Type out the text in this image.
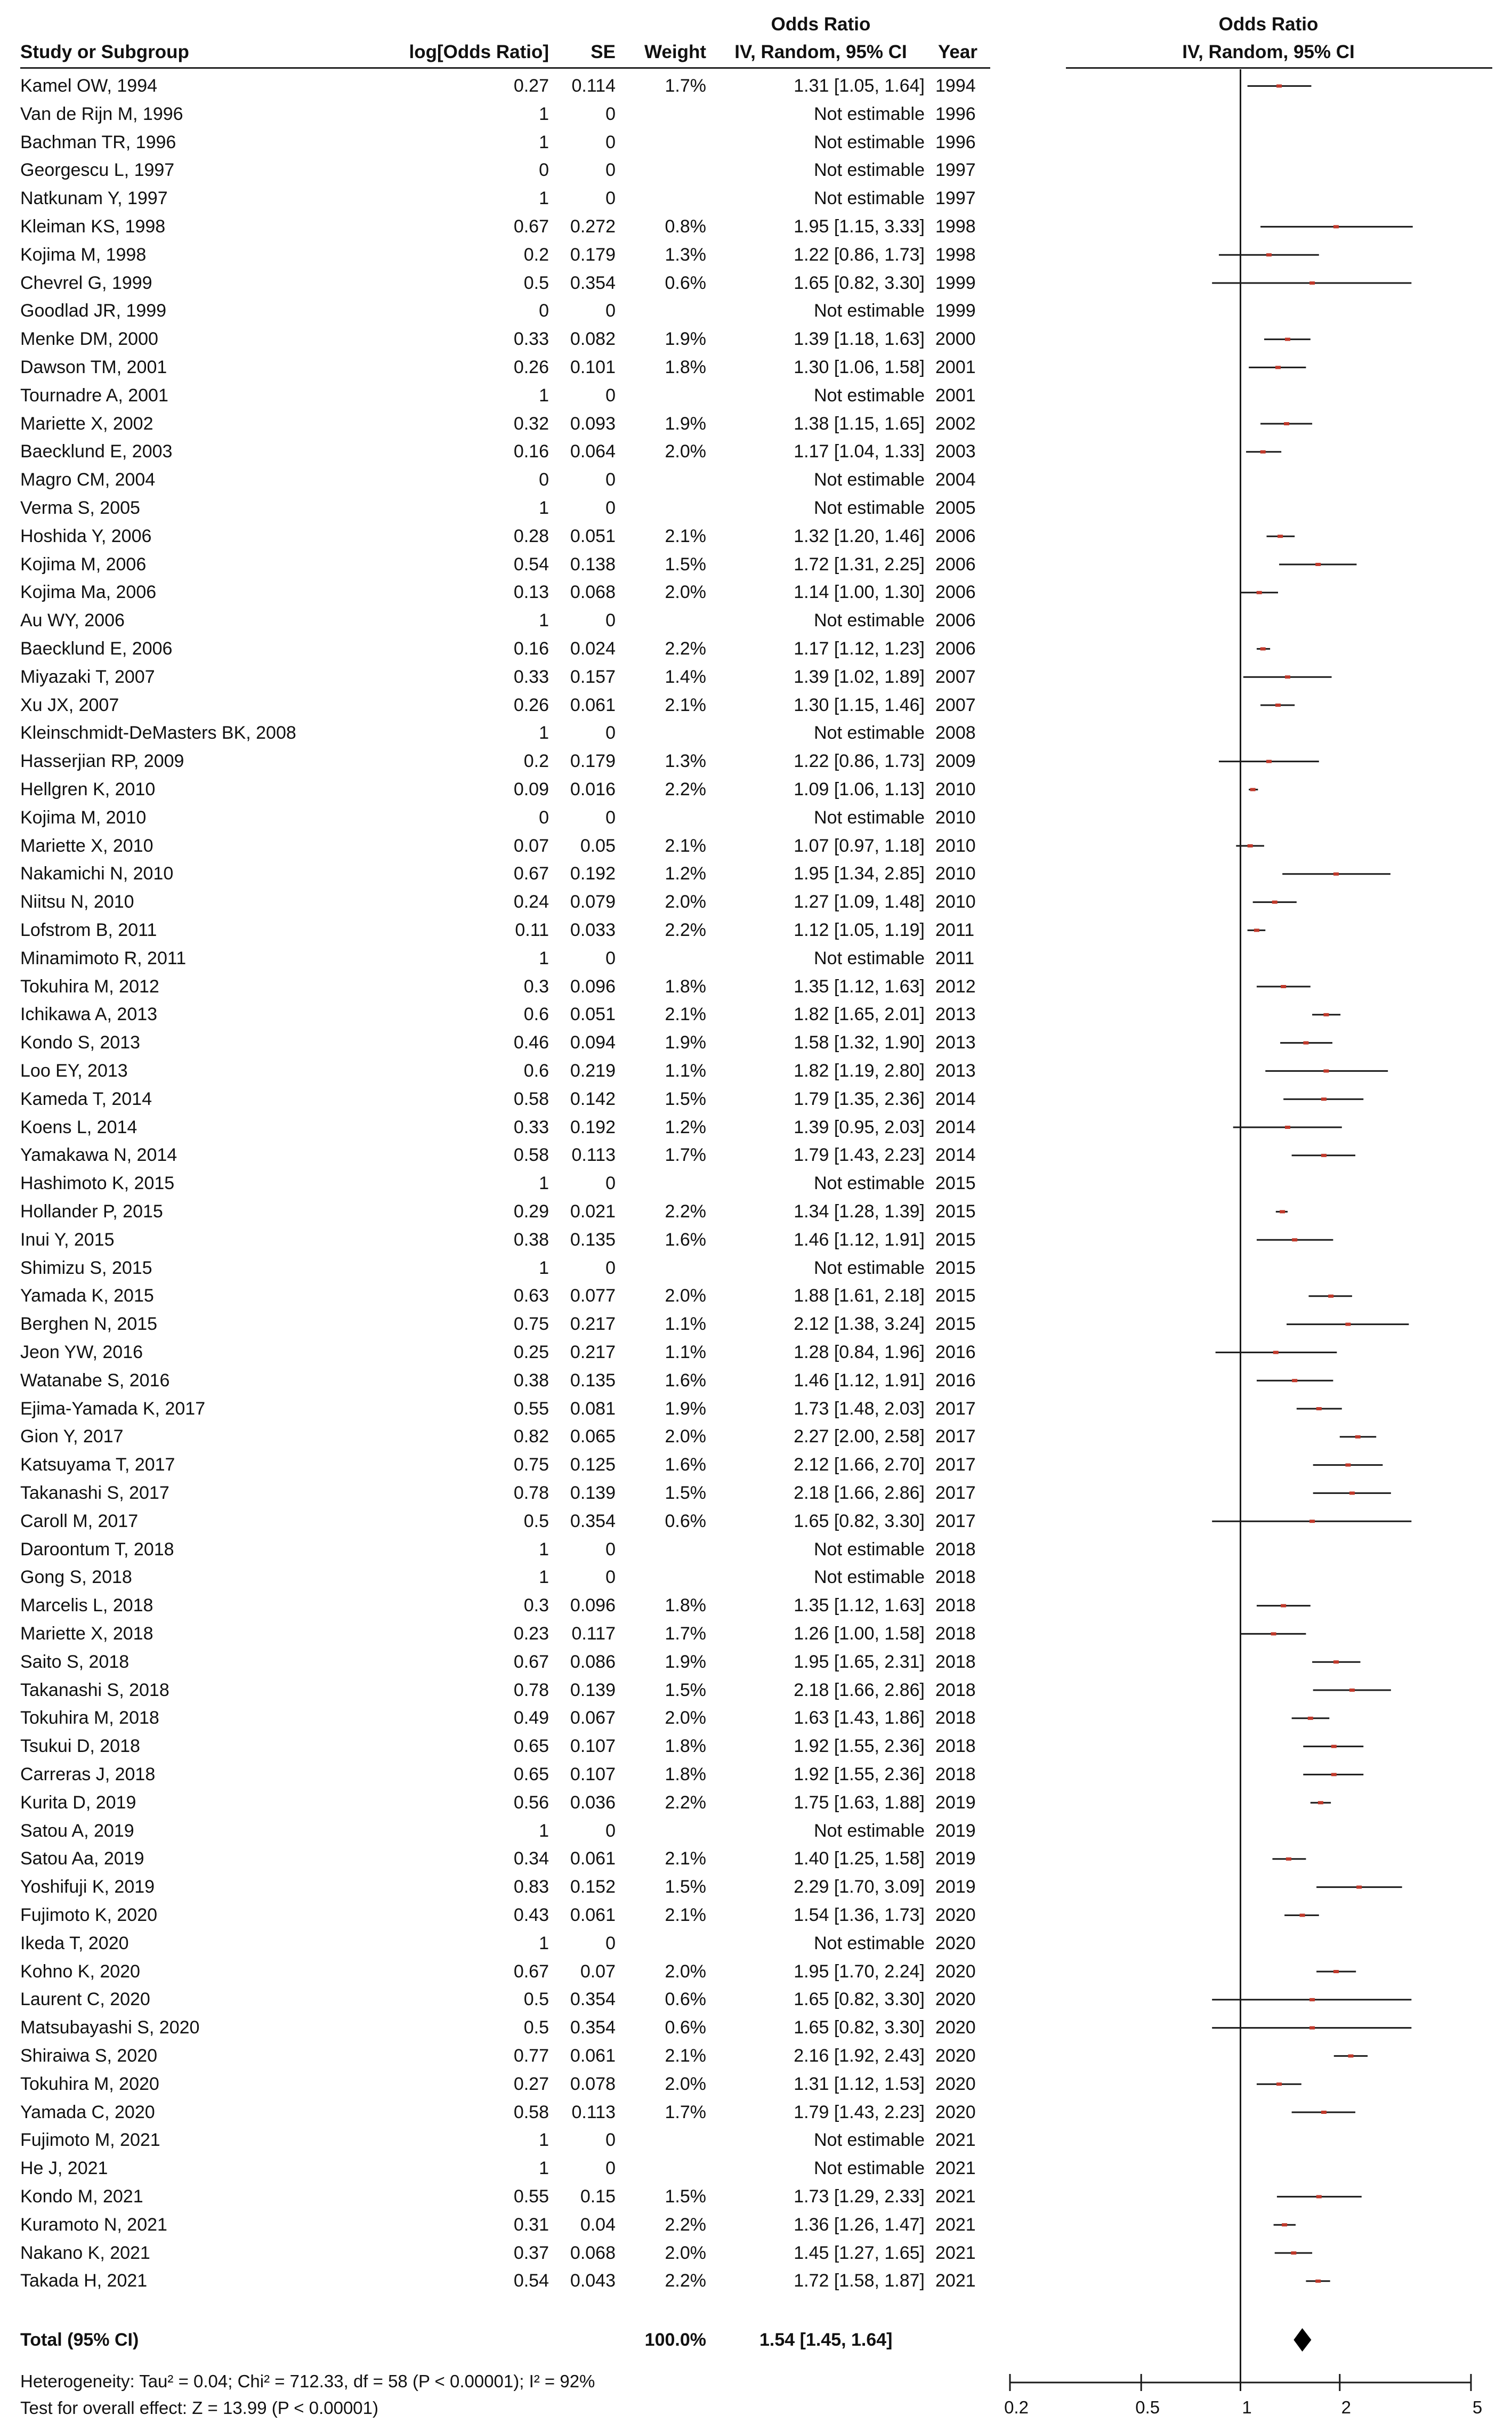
Study or Subgroup	log[Odds Ratio]	SE	Weight
Odds Ratio
IV, Random, 95% CI	Year
Odds Ratio
IV, Random, 95% CI
Kamel OW, 1994	0.27	0.114	1.7%	1.31 [1.05, 1.64] 1994
Van de Rijn M, 1996	1	0	Not estimable 1996
Bachman TR, 1996	1	0	Not estimable 1996
Georgescu L, 1997	0	0	Not estimable 1997
Natkunam Y, 1997	1	0	Not estimable 1997
Kleiman KS, 1998	0.67	0.272	0.8%	1.95 [1.15, 3.33] 1998
Kojima M, 1998	0.2	0.179	1.3%	1.22 [0.86, 1.73] 1998
Chevrel G, 1999	0.5	0.354	0.6%	1.65 [0.82, 3.30] 1999
Goodlad JR, 1999	0	0	Not estimable 1999
Menke DM, 2000	0.33	0.082	1.9%	1.39 [1.18, 1.63] 2000
Dawson TM, 2001	0.26	0.101	1.8%	1.30 [1.06, 1.58] 2001
Tournadre A, 2001	1	0	Not estimable 2001
Mariette X, 2002	0.32	0.093	1.9%	1.38 [1.15, 1.65] 2002
Baecklund E, 2003	0.16	0.064	2.0%	1.17 [1.04, 1.33] 2003
Magro CM, 2004	0	0	Not estimable 2004
Verma S, 2005	1	0	Not estimable 2005
Hoshida Y, 2006	0.28	0.051	2.1%	1.32 [1.20, 1.46] 2006
Kojima M, 2006	0.54	0.138	1.5%	1.72 [1.31, 2.25] 2006
Kojima Ma, 2006	0.13	0.068	2.0%	1.14 [1.00, 1.30] 2006
Au WY, 2006	1	0	Not estimable 2006
Baecklund E, 2006	0.16	0.024	2.2%	1.17 [1.12, 1.23] 2006
Miyazaki T, 2007	0.33	0.157	1.4%	1.39 [1.02, 1.89] 2007
Xu JX, 2007	0.26	0.061	2.1%	1.30 [1.15, 1.46] 2007
Kleinschmidt-DeMasters BK, 2008	1	0	Not estimable 2008
Hasserjian RP, 2009	0.2	0.179	1.3%	1.22 [0.86, 1.73] 2009
Hellgren K, 2010	0.09	0.016	2.2%	1.09 [1.06, 1.13] 2010
Kojima M, 2010	0	0	Not estimable 2010
Mariette X, 2010	0.07	0.05	2.1%	1.07 [0.97, 1.18] 2010
Nakamichi N, 2010	0.67	0.192	1.2%	1.95 [1.34, 2.85] 2010
Niitsu N, 2010	0.24	0.079	2.0%	1.27 [1.09, 1.48] 2010
Lofstrom B, 2011	0.11	0.033	2.2%	1.12 [1.05, 1.19] 2011
Minamimoto R, 2011	1	0	Not estimable 2011
Tokuhira M, 2012	0.3	0.096	1.8%	1.35 [1.12, 1.63] 2012
Ichikawa A, 2013	0.6	0.051	2.1%	1.82 [1.65, 2.01] 2013
Kondo S, 2013	0.46	0.094	1.9%	1.58 [1.32, 1.90] 2013
Loo EY, 2013	0.6	0.219	1.1%	1.82 [1.19, 2.80] 2013
Kameda T, 2014	0.58	0.142	1.5%	1.79 [1.35, 2.36] 2014
Koens L, 2014	0.33	0.192	1.2%	1.39 [0.95, 2.03] 2014
Yamakawa N, 2014	0.58	0.113	1.7%	1.79 [1.43, 2.23] 2014
Hashimoto K, 2015	1	0	Not estimable 2015
Hollander P, 2015	0.29	0.021	2.2%	1.34 [1.28, 1.39] 2015
Inui Y, 2015	0.38	0.135	1.6%	1.46 [1.12, 1.91] 2015
Shimizu S, 2015	1	0	Not estimable 2015
Yamada K, 2015	0.63	0.077	2.0%	1.88 [1.61, 2.18] 2015
Berghen N, 2015	0.75	0.217	1.1%	2.12 [1.38, 3.24] 2015
Jeon YW, 2016	0.25	0.217	1.1%	1.28 [0.84, 1.96] 2016
Watanabe S, 2016	0.38	0.135	1.6%	1.46 [1.12, 1.91] 2016
Ejima-Yamada K, 2017	0.55	0.081	1.9%	1.73 [1.48, 2.03] 2017
Gion Y, 2017	0.82	0.065	2.0%	2.27 [2.00, 2.58] 2017
Katsuyama T, 2017	0.75	0.125	1.6%	2.12 [1.66, 2.70] 2017
Takanashi S, 2017	0.78	0.139	1.5%	2.18 [1.66, 2.86] 2017
Caroll M, 2017	0.5	0.354	0.6%	1.65 [0.82, 3.30] 2017
Daroontum T, 2018	1	0	Not estimable 2018
Gong S, 2018	1	0	Not estimable 2018
Marcelis L, 2018	0.3	0.096	1.8%	1.35 [1.12, 1.63] 2018
Mariette X, 2018	0.23	0.117	1.7%	1.26 [1.00, 1.58] 2018
Saito S, 2018	0.67	0.086	1.9%	1.95 [1.65, 2.31] 2018
Takanashi S, 2018	0.78	0.139	1.5%	2.18 [1.66, 2.86] 2018
Tokuhira M, 2018	0.49	0.067	2.0%	1.63 [1.43, 1.86] 2018
Tsukui D, 2018	0.65	0.107	1.8%	1.92 [1.55, 2.36] 2018
Carreras J, 2018	0.65	0.107	1.8%	1.92 [1.55, 2.36] 2018
Kurita D, 2019	0.56	0.036	2.2%	1.75 [1.63, 1.88] 2019
Satou A, 2019	1	0	Not estimable 2019
Satou Aa, 2019	0.34	0.061	2.1%	1.40 [1.25, 1.58] 2019
Yoshifuji K, 2019	0.83	0.152	1.5%	2.29 [1.70, 3.09] 2019
Fujimoto K, 2020	0.43	0.061	2.1%	1.54 [1.36, 1.73] 2020
Ikeda T, 2020	1	0	Not estimable 2020
Kohno K, 2020	0.67	0.07	2.0%	1.95 [1.70, 2.24] 2020
Laurent C, 2020	0.5	0.354	0.6%	1.65 [0.82, 3.30] 2020
Matsubayashi S, 2020	0.5	0.354	0.6%	1.65 [0.82, 3.30] 2020
Shiraiwa S, 2020	0.77	0.061	2.1%	2.16 [1.92, 2.43] 2020
Tokuhira M, 2020	0.27	0.078	2.0%	1.31 [1.12, 1.53] 2020
Yamada C, 2020	0.58	0.113	1.7%	1.79 [1.43, 2.23] 2020
Fujimoto M, 2021	1	0	Not estimable 2021
He J, 2021	1	0	Not estimable 2021
Kondo M, 2021	0.55	0.15	1.5%	1.73 [1.29, 2.33] 2021
Kuramoto N, 2021	0.31	0.04	2.2%	1.36 [1.26, 1.47] 2021
Nakano K, 2021	0.37	0.068	2.0%	1.45 [1.27, 1.65] 2021
Takada H, 2021	0.54	0.043	2.2%	1.72 [1.58, 1.87] 2021
Total (95% CI)	100.0%	1.54 [1.45, 1.64]
Heterogeneity: Tau² = 0.04; Chi² = 712.33, df = 58 (P < 0.00001); I² = 92%
Test for overall effect: Z = 13.99 (P < 0.00001)	0.2	0.5	1	2	5
